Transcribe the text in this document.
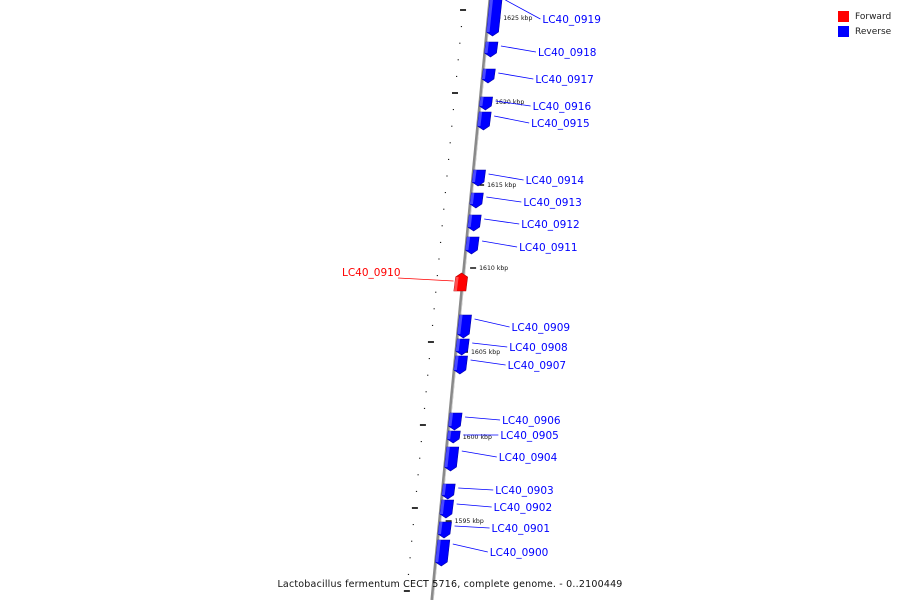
1625 kbp
1620 kbp
1615 kbp
1610 kbp
1605 kbp
1600 kbp
1595 kbp
LC40_0919
LC40_0918
LC40_0917
LC40_0916
LC40_0915
LC40_0914
LC40_0913
LC40_0912
LC40_0911
LC40_0910
LC40_0909
LC40_0908
LC40_0907
LC40_0906
LC40_0905
LC40_0904
LC40_0903
LC40_0902
LC40_0901
LC40_0900
Forward
Reverse
Lactobacillus fermentum CECT 5716, complete genome. - 0..2100449
